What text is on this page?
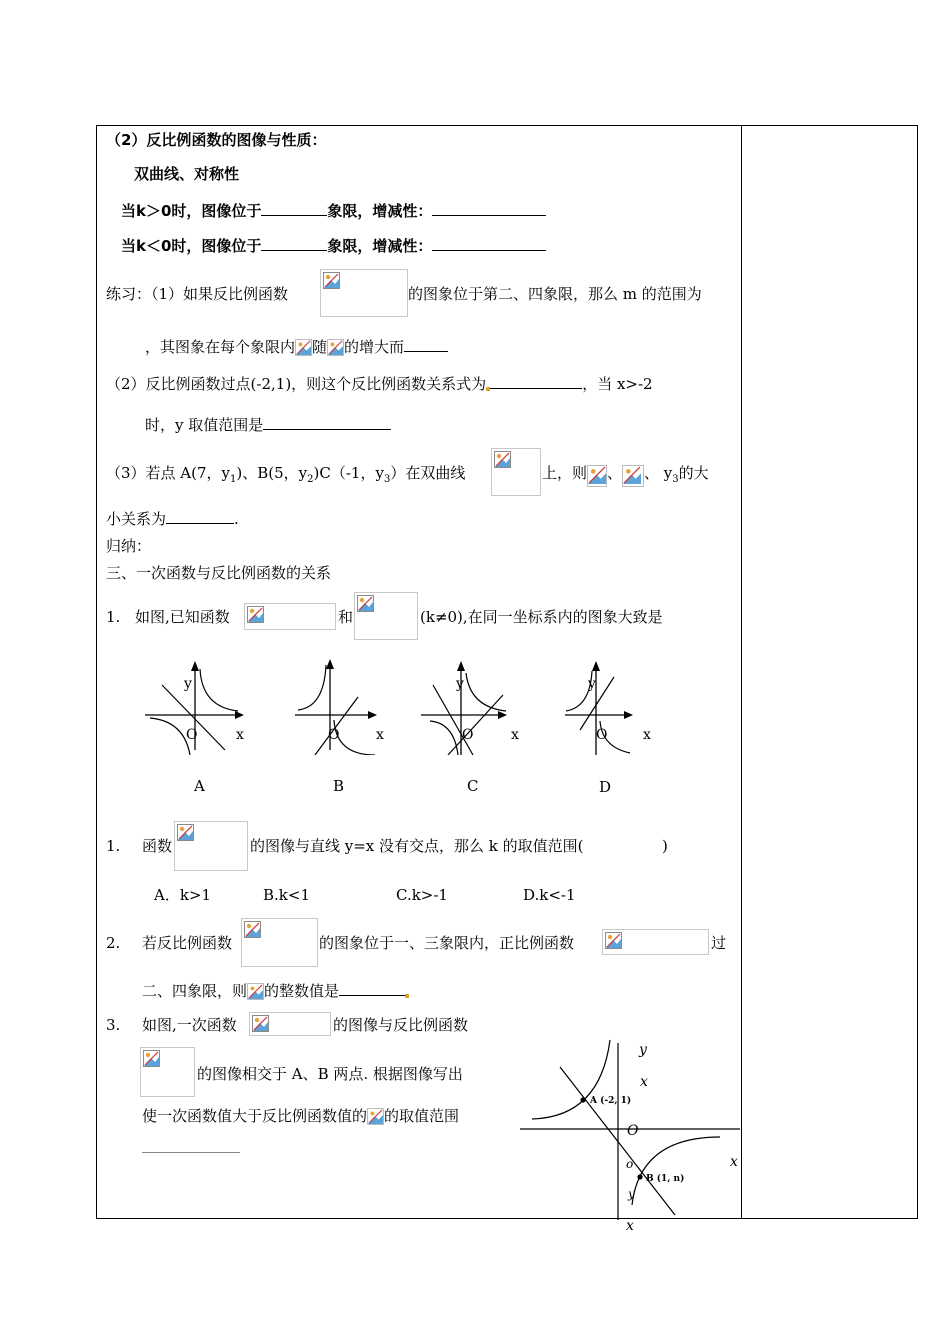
（2）反比例函数的图像与性质：
双曲线、对称性
当k＞0时，图像位于	象限，增减性：
当k＜0时，图像位于	象限，增减性：
练习：（1）如果反比例函数	的图象位于第二、四象限，那么 m 的范围为
，其图象在每个象限内 随 的增大而
（2）反比例函数过点(-2,1)，则这个反比例函数关系式为	，当 x>-2
时，y 取值范围是
（3）若点 A(7，$y_1$)、B(5，$y_2)C(-1$，$y_3$）在双曲线	上，则 、 、 $y_3$的大
小关系为	.
归纳：
三、一次函数与反比例函数的关系
1. 如图,已知函数	和	(k≠0),在同一坐标系内的图象大致是
y
O	x	O	x
y
O	x
y
O	x
A	B	C	D
1. 函数	的图像与直线 y=x 没有交点，那么 k 的取值范围(	)
A．k>1	B.k<1	C.k>-1	D.k<-1
2. 若反比例函数	的图象位于一、三象限内，正比例函数	过
二、四象限，则 的整数值是
3. 如图,一次函数	的图像与反比例函数
的图像相交于 A、B 两点. 根据图像写出
使一次函数值大于反比例函数值的 的取值范围
y
x
O
x
o
y
x
A (-2, 1)
B (1, n)
